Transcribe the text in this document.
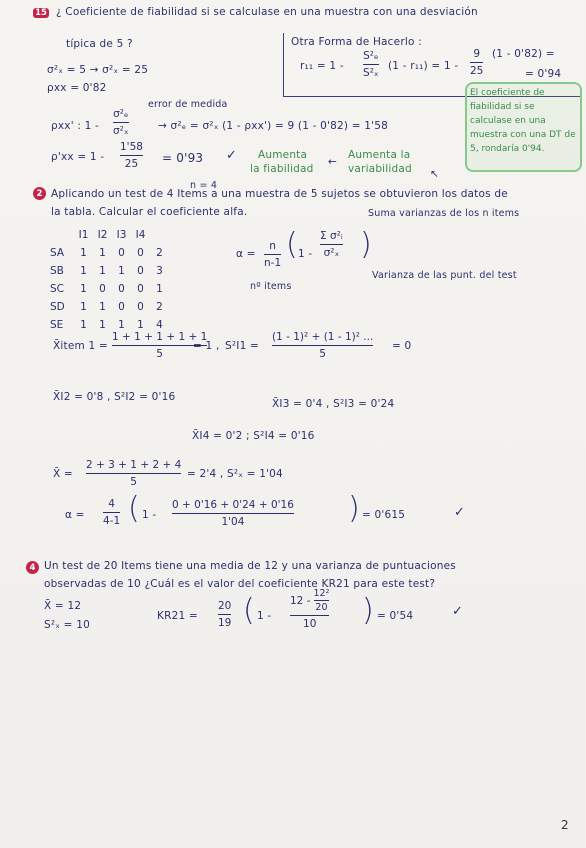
15 ¿ Coeficiente de fiabilidad si se calculase en una muestra con una desviación
típica de 5 ?
σ²ₓ = 5 → σ²ₓ = 25
ρxx = 0'82
Otra Forma de Hacerlo :
r₁₁ = 1 -
S²ₑ
S²ₓ
(1 - r₁₁) = 1 -
9
25
(1 - 0'82) =
= 0'94
error de medida
ρxx' : 1 -
σ²ₑ
σ²ₓ	→ σ²ₑ = σ²ₓ (1 - ρxx') = 9 (1 - 0'82) = 1'58
ρ'xx = 1 -
1'58
25 = 0'93 ✓ Aumenta
la fiabilidad
←
Aumenta la
variabilidad
El coeficiente de fiabilidad si se calculase en una muestra con una DT de 5, rondaría 0'94.
↖
n = 4
2 Aplicando un test de 4 Items a una muestra de 5 sujetos se obtuvieron los datos de
la tabla. Calcular el coeficiente alfa.	Suma varianzas de los n items
	I1	I2	I3	I4	
SA	1	1	0	0	2
SB	1	1	1	0	3
SC	1	0	0	0	1
SD	1	1	0	0	2
SE	1	1	1	1	4
α =
n
n-1
( 1 -
Σ σ²ᵢ
σ²ₓ )
nº items
Varianza de las punt. del test
X̄item 1 =
1 + 1 + 1 + 1 + 1
5
= 1 , S²I1 =
(1 - 1)² + (1 - 1)² ...
5
= 0
X̄I2 = 0'8 , S²I2 = 0'16
X̄I3 = 0'4 , S²I3 = 0'24
X̄I4 = 0'2 ; S²I4 = 0'16
X̄ =
2 + 3 + 1 + 2 + 4
5
= 2'4 , S²ₓ = 1'04
α =
4
4-1 ( 1 -
0 + 0'16 + 0'24 + 0'16
1'04	) = 0'615	✓
4 Un test de 20 Items tiene una media de 12 y una varianza de puntuaciones
observadas de 10 ¿Cuál es el valor del coeficiente KR21 para este test?
X̄ = 12
S²ₓ = 10
KR21 =
20
19 ( 1 -
12 -
12²
20
10 ) = 0'54	✓
2
